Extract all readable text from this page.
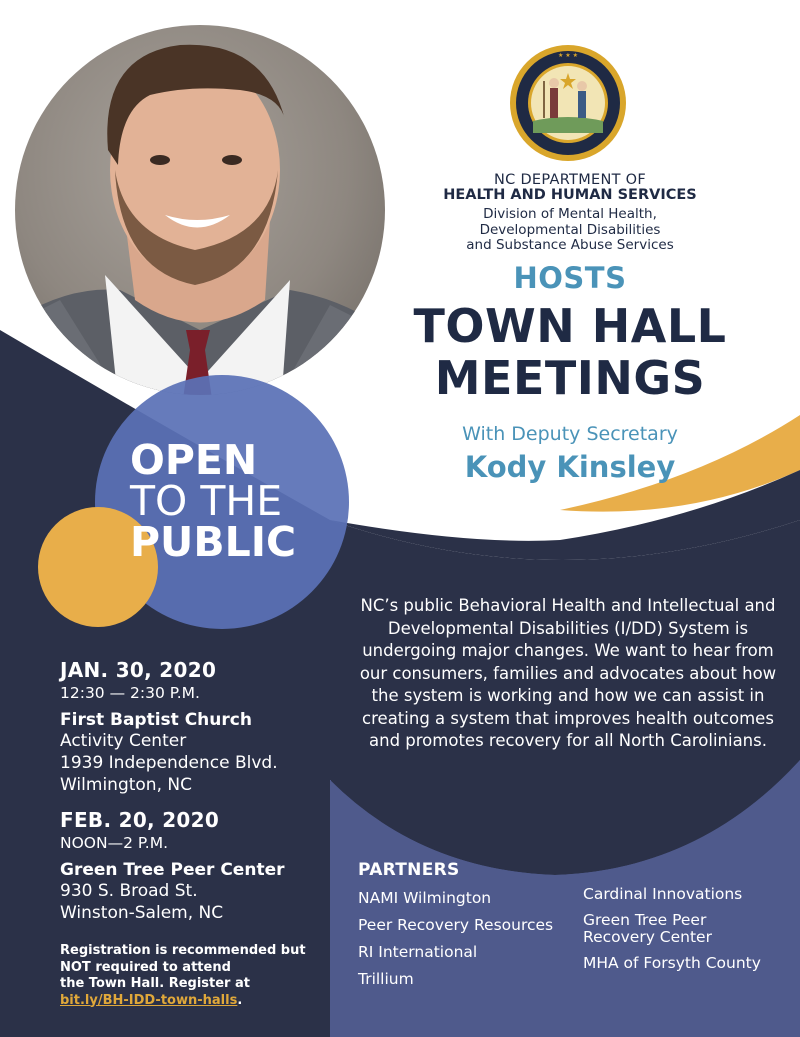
★ ★ ★
NC DEPARTMENT OF
HEALTH AND HUMAN SERVICES
Division of Mental Health,
Developmental Disabilities
and Substance Abuse Services
HOSTS
TOWN HALL
MEETINGS
With Deputy Secretary
Kody Kinsley
OPEN
TO THE
PUBLIC
NC’s public Behavioral Health and Intellectual and Developmental Disabilities (I/DD) System is undergoing major changes. We want to hear from our consumers, families and advocates about how the system is working and how we can assist in creating a system that improves health outcomes and promotes recovery for all North Carolinians.
JAN. 30, 2020
12:30 — 2:30 P.M.
First Baptist Church
Activity Center
1939 Independence Blvd.
Wilmington, NC
FEB. 20, 2020
NOON—2 P.M.
Green Tree Peer Center
930 S. Broad St.
Winston-Salem, NC
Registration is recommended but
NOT required to attend
the Town Hall. Register at
bit.ly/BH-IDD-town-halls.
PARTNERS
NAMI Wilmington
Peer Recovery Resources
RI International
Trillium
Cardinal Innovations
Green Tree Peer
Recovery Center
MHA of Forsyth County
